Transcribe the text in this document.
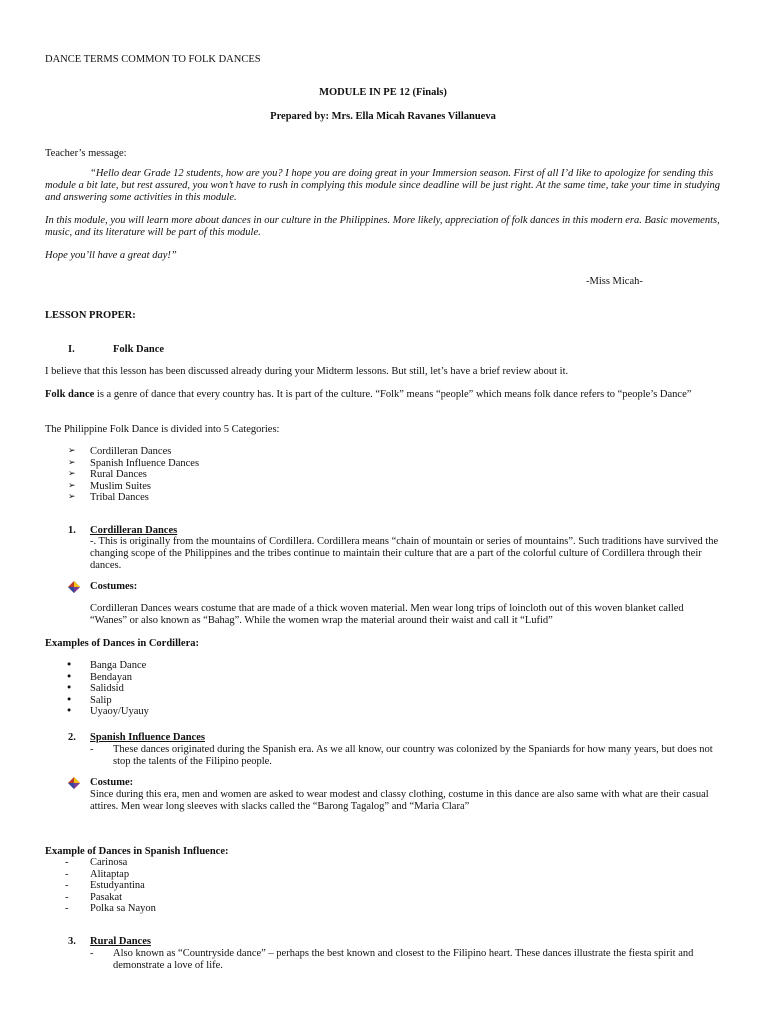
DANCE TERMS COMMON TO FOLK DANCES
MODULE IN PE 12 (Finals)
Prepared by: Mrs. Ella Micah Ravanes Villanueva
Teacher’s message:
“Hello dear Grade 12 students, how are you? I hope you are doing great in your Immersion season. First of all I’d like to apologize for sending this module a bit late, but rest assured, you won’t have to rush in complying this module since deadline will be just right. At the same time, take your time in studying and answering some activities in this module.
In this module, you will learn more about dances in our culture in the Philippines. More likely, appreciation of folk dances in this modern era. Basic movements, music, and its literature will be part of this module.
Hope you’ll have a great day!”
-Miss Micah-
LESSON PROPER:
I.	Folk Dance
I believe that this lesson has been discussed already during your Midterm lessons. But still, let’s have a brief review about it.
Folk dance is a genre of dance that every country has. It is part of the culture. “Folk” means “people” which means folk dance refers to “people’s Dance”
The Philippine Folk Dance is divided into 5 Categories:
➢ Cordilleran Dances
➢ Spanish Influence Dances
➢ Rural Dances
➢ Muslim Suites
➢ Tribal Dances
1. Cordilleran Dances
-. This is originally from the mountains of Cordillera. Cordillera means “chain of mountain or series of mountains”. Such traditions have survived the changing scope of the Philippines and the tribes continue to maintain their culture that are a part of the colorful culture of Cordillera through their dances.
Costumes:
Cordilleran Dances wears costume that are made of a thick woven material. Men wear long trips of loincloth out of this woven blanket called “Wanes” or also known as “Bahag”. While the women wrap the material around their waist and call it “Lufid”
Examples of Dances in Cordillera:
• Banga Dance
• Bendayan
• Salidsid
• Salip
• Uyaoy/Uyauy
2. Spanish Influence Dances
- These dances originated during the Spanish era. As we all know, our country was colonized by the Spaniards for how many years, but does not stop the talents of the Filipino people.
Costume:
Since during this era, men and women are asked to wear modest and classy clothing, costume in this dance are also same with what are their casual attires. Men wear long sleeves with slacks called the “Barong Tagalog” and “Maria Clara”
Example of Dances in Spanish Influence:
- Carinosa
- Alitaptap
- Estudyantina
- Pasakat
- Polka sa Nayon
3. Rural Dances
- Also known as “Countryside dance” – perhaps the best known and closest to the Filipino heart. These dances illustrate the fiesta spirit and demonstrate a love of life.
